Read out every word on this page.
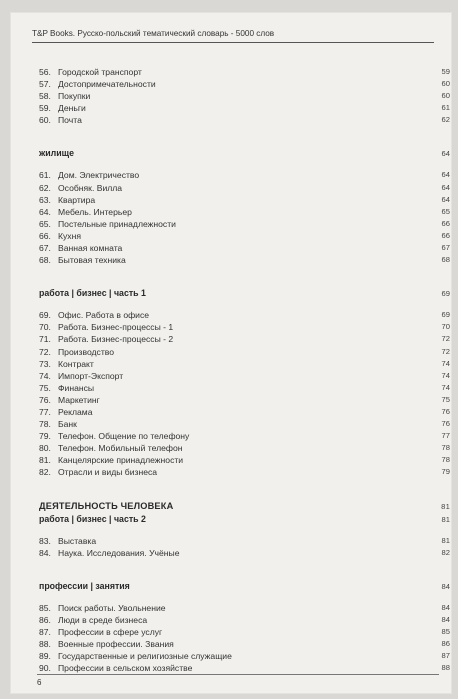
T&P Books. Русско-польский тематический словарь - 5000 слов
56. Городской транспорт	59
57. Достопримечательности	60
58. Покупки	60
59. Деньги	61
60. Почта	62
жилище	64
61. Дом. Электричество	64
62. Особняк. Вилла	64
63. Квартира	64
64. Мебель. Интерьер	65
65. Постельные принадлежности	66
66. Кухня	66
67. Ванная комната	67
68. Бытовая техника	68
работа | бизнес | часть 1	69
69. Офис. Работа в офисе	69
70. Работа. Бизнес-процессы - 1	70
71. Работа. Бизнес-процессы - 2	72
72. Производство	72
73. Контракт	74
74. Импорт-Экспорт	74
75. Финансы	74
76. Маркетинг	75
77. Реклама	76
78. Банк	76
79. Телефон. Общение по телефону	77
80. Телефон. Мобильный телефон	78
81. Канцелярские принадлежности	78
82. Отрасли и виды бизнеса	79
ДЕЯТЕЛЬНОСТЬ ЧЕЛОВЕКА	81
работа | бизнес | часть 2	81
83. Выставка	81
84. Наука. Исследования. Учёные	82
профессии | занятия	84
85. Поиск работы. Увольнение	84
86. Люди в среде бизнеса	84
87. Профессии в сфере услуг	85
88. Военные профессии. Звания	86
89. Государственные и религиозные служащие	87
90. Профессии в сельском хозяйстве	88
6
